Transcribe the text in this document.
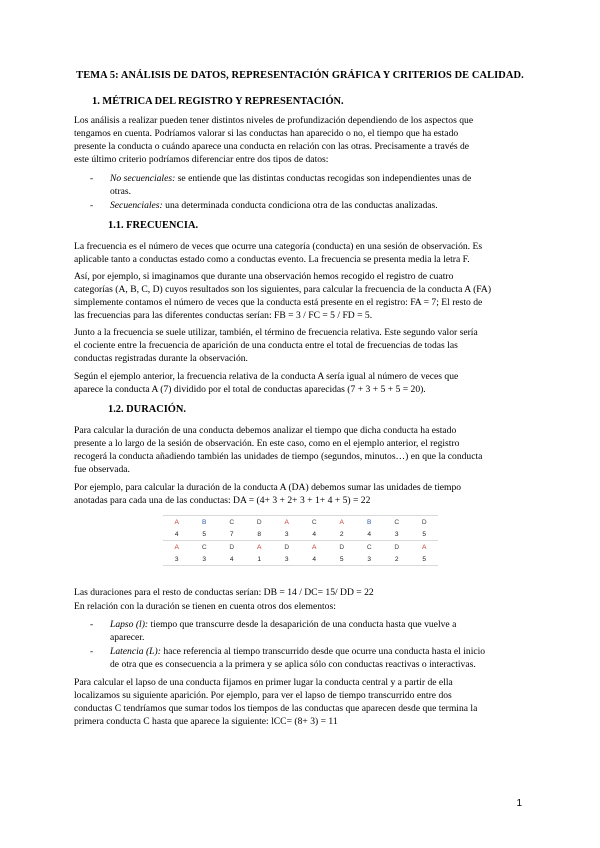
TEMA 5: ANÁLISIS DE DATOS, REPRESENTACIÓN GRÁFICA Y CRITERIOS DE CALIDAD.
1. MÉTRICA DEL REGISTRO Y REPRESENTACIÓN.
Los análisis a realizar pueden tener distintos niveles de profundización dependiendo de los aspectos que
tengamos en cuenta. Podríamos valorar si las conductas han aparecido o no, el tiempo que ha estado
presente la conducta o cuándo aparece una conducta en relación con las otras. Precisamente a través de
este último criterio podríamos diferenciar entre dos tipos de datos:
- No secuenciales: se entiende que las distintas conductas recogidas son independientes unas de
otras.
- Secuenciales: una determinada conducta condiciona otra de las conductas analizadas.
1.1. FRECUENCIA.
La frecuencia es el número de veces que ocurre una categoría (conducta) en una sesión de observación. Es
aplicable tanto a conductas estado como a conductas evento. La frecuencia se presenta media la letra F.
Así, por ejemplo, si imaginamos que durante una observación hemos recogido el registro de cuatro
categorías (A, B, C, D) cuyos resultados son los siguientes, para calcular la frecuencia de la conducta A (FA)
simplemente contamos el número de veces que la conducta está presente en el registro: FA = 7; El resto de
las frecuencias para las diferentes conductas serían: FB = 3 / FC = 5 / FD = 5.
Junto a la frecuencia se suele utilizar, también, el término de frecuencia relativa. Este segundo valor sería
el cociente entre la frecuencia de aparición de una conducta entre el total de frecuencias de todas las
conductas registradas durante la observación.
Según el ejemplo anterior, la frecuencia relativa de la conducta A sería igual al número de veces que
aparece la conducta A (7) dividido por el total de conductas aparecidas (7 + 3 + 5 + 5 = 20).
1.2. DURACIÓN.
Para calcular la duración de una conducta debemos analizar el tiempo que dicha conducta ha estado
presente a lo largo de la sesión de observación. En este caso, como en el ejemplo anterior, el registro
recogerá la conducta añadiendo también las unidades de tiempo (segundos, minutos…) en que la conducta
fue observada.
Por ejemplo, para calcular la duración de la conducta A (DA) debemos sumar las unidades de tiempo
anotadas para cada una de las conductas: DA = (4+ 3 + 2+ 3 + 1+ 4 + 5) = 22
A	B	C	D	A	C	A	B	C	D
4	5	7	8	3	4	2	4	3	5
A	C	D	A	D	A	D	C	D	A
3	3	4	1	3	4	5	3	2	5
Las duraciones para el resto de conductas serían: DB = 14 / DC= 15/ DD = 22
En relación con la duración se tienen en cuenta otros dos elementos:
- Lapso (l): tiempo que transcurre desde la desaparición de una conducta hasta que vuelve a
aparecer.
- Latencia (L): hace referencia al tiempo transcurrido desde que ocurre una conducta hasta el inicio
de otra que es consecuencia a la primera y se aplica sólo con conductas reactivas o interactivas.
Para calcular el lapso de una conducta fijamos en primer lugar la conducta central y a partir de ella
localizamos su siguiente aparición. Por ejemplo, para ver el lapso de tiempo transcurrido entre dos
conductas C tendríamos que sumar todos los tiempos de las conductas que aparecen desde que termina la
primera conducta C hasta que aparece la siguiente: lCC= (8+ 3) = 11
1
